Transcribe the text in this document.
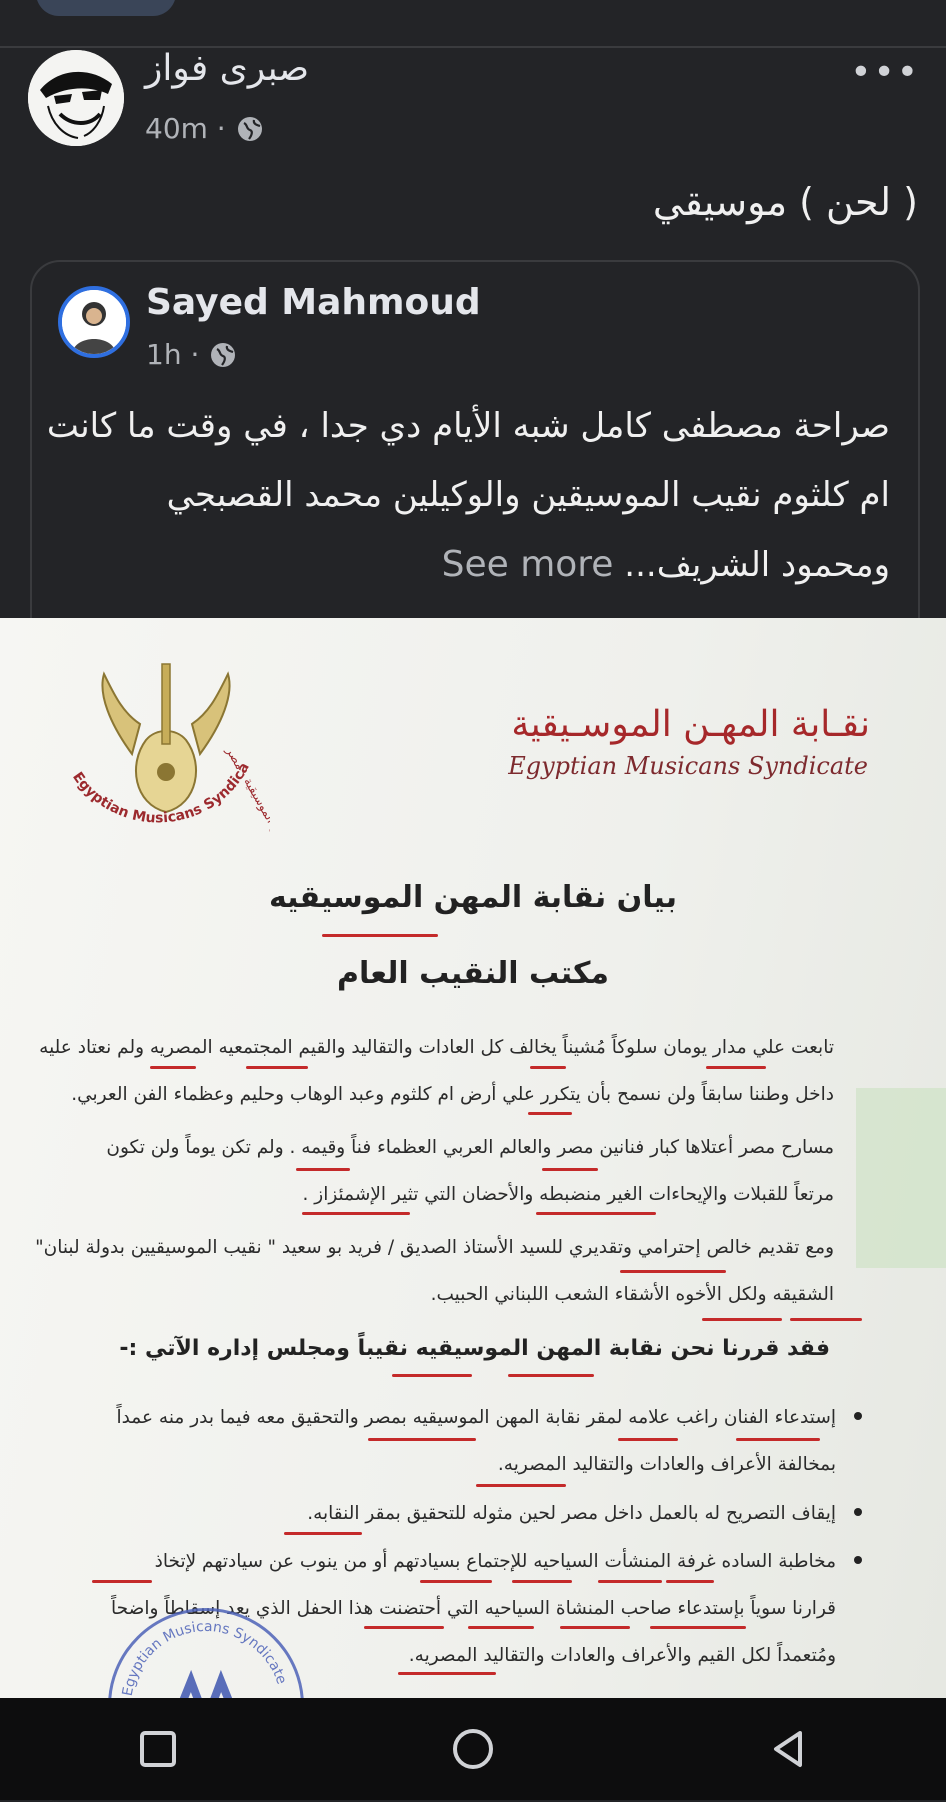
صبرى فواز
40m ·
•••
( لحن ) موسيقي
Sayed Mahmoud
1h ·
صراحة مصطفى كامل شبه الأيام دي جدا ، في وقت ما كانت
ام كلثوم نقيب الموسيقين والوكيلين محمد القصبجي
ومحمود الشريف... See more
Egyptian Musicans Syndica
المهن الموسيقية - مصر
نقـابة المهـن الموسـيقية
Egyptian Musicans Syndicate
بيان نقابة المهن الموسيقيه
مكتب النقيب العام
تابعت علي مدار يومان سلوكاً مُشيناً يخالف كل العادات والتقاليد والقيم المجتمعيه المصريه ولم نعتاد عليه
داخل وطننا سابقاً ولن نسمح بأن يتكرر علي أرض ام كلثوم وعبد الوهاب وحليم وعظماء الفن العربي.
مسارح مصر أعتلاها كبار فنانين مصر والعالم العربي العظماء فناً وقيمه . ولم تكن يوماً ولن تكون
مرتعاً للقبلات والإيحاءات الغير منضبطه والأحضان التي تثير الإشمئزاز .
ومع تقديم خالص إحترامي وتقديري للسيد الأستاذ الصديق / فريد بو سعيد " نقيب الموسيقيين بدولة لبنان"
الشقيقه ولكل الأخوه الأشقاء الشعب اللبناني الحبيب.
فقد قررنا نحن نقابة المهن الموسيقيه نقيباً ومجلس إداره الآتي :-
إستدعاء الفنان راغب علامه لمقر نقابة المهن الموسيقيه بمصر والتحقيق معه فيما بدر منه عمداً
بمخالفة الأعراف والعادات والتقاليد المصريه.
إيقاف التصريح له بالعمل داخل مصر لحين مثوله للتحقيق بمقر النقابه.
مخاطبة الساده غرفة المنشأت السياحيه للإجتماع بسيادتهم أو من ينوب عن سيادتهم لإتخاذ
قرارنا سوياً بإستدعاء صاحب المنشاة السياحيه التي أحتضنت هذا الحفل الذي يعد إسقاطاً واضحاً
ومُتعمداً لكل القيم والأعراف والعادات والتقاليد المصريه.
Egyptian Musicans Syndicate
